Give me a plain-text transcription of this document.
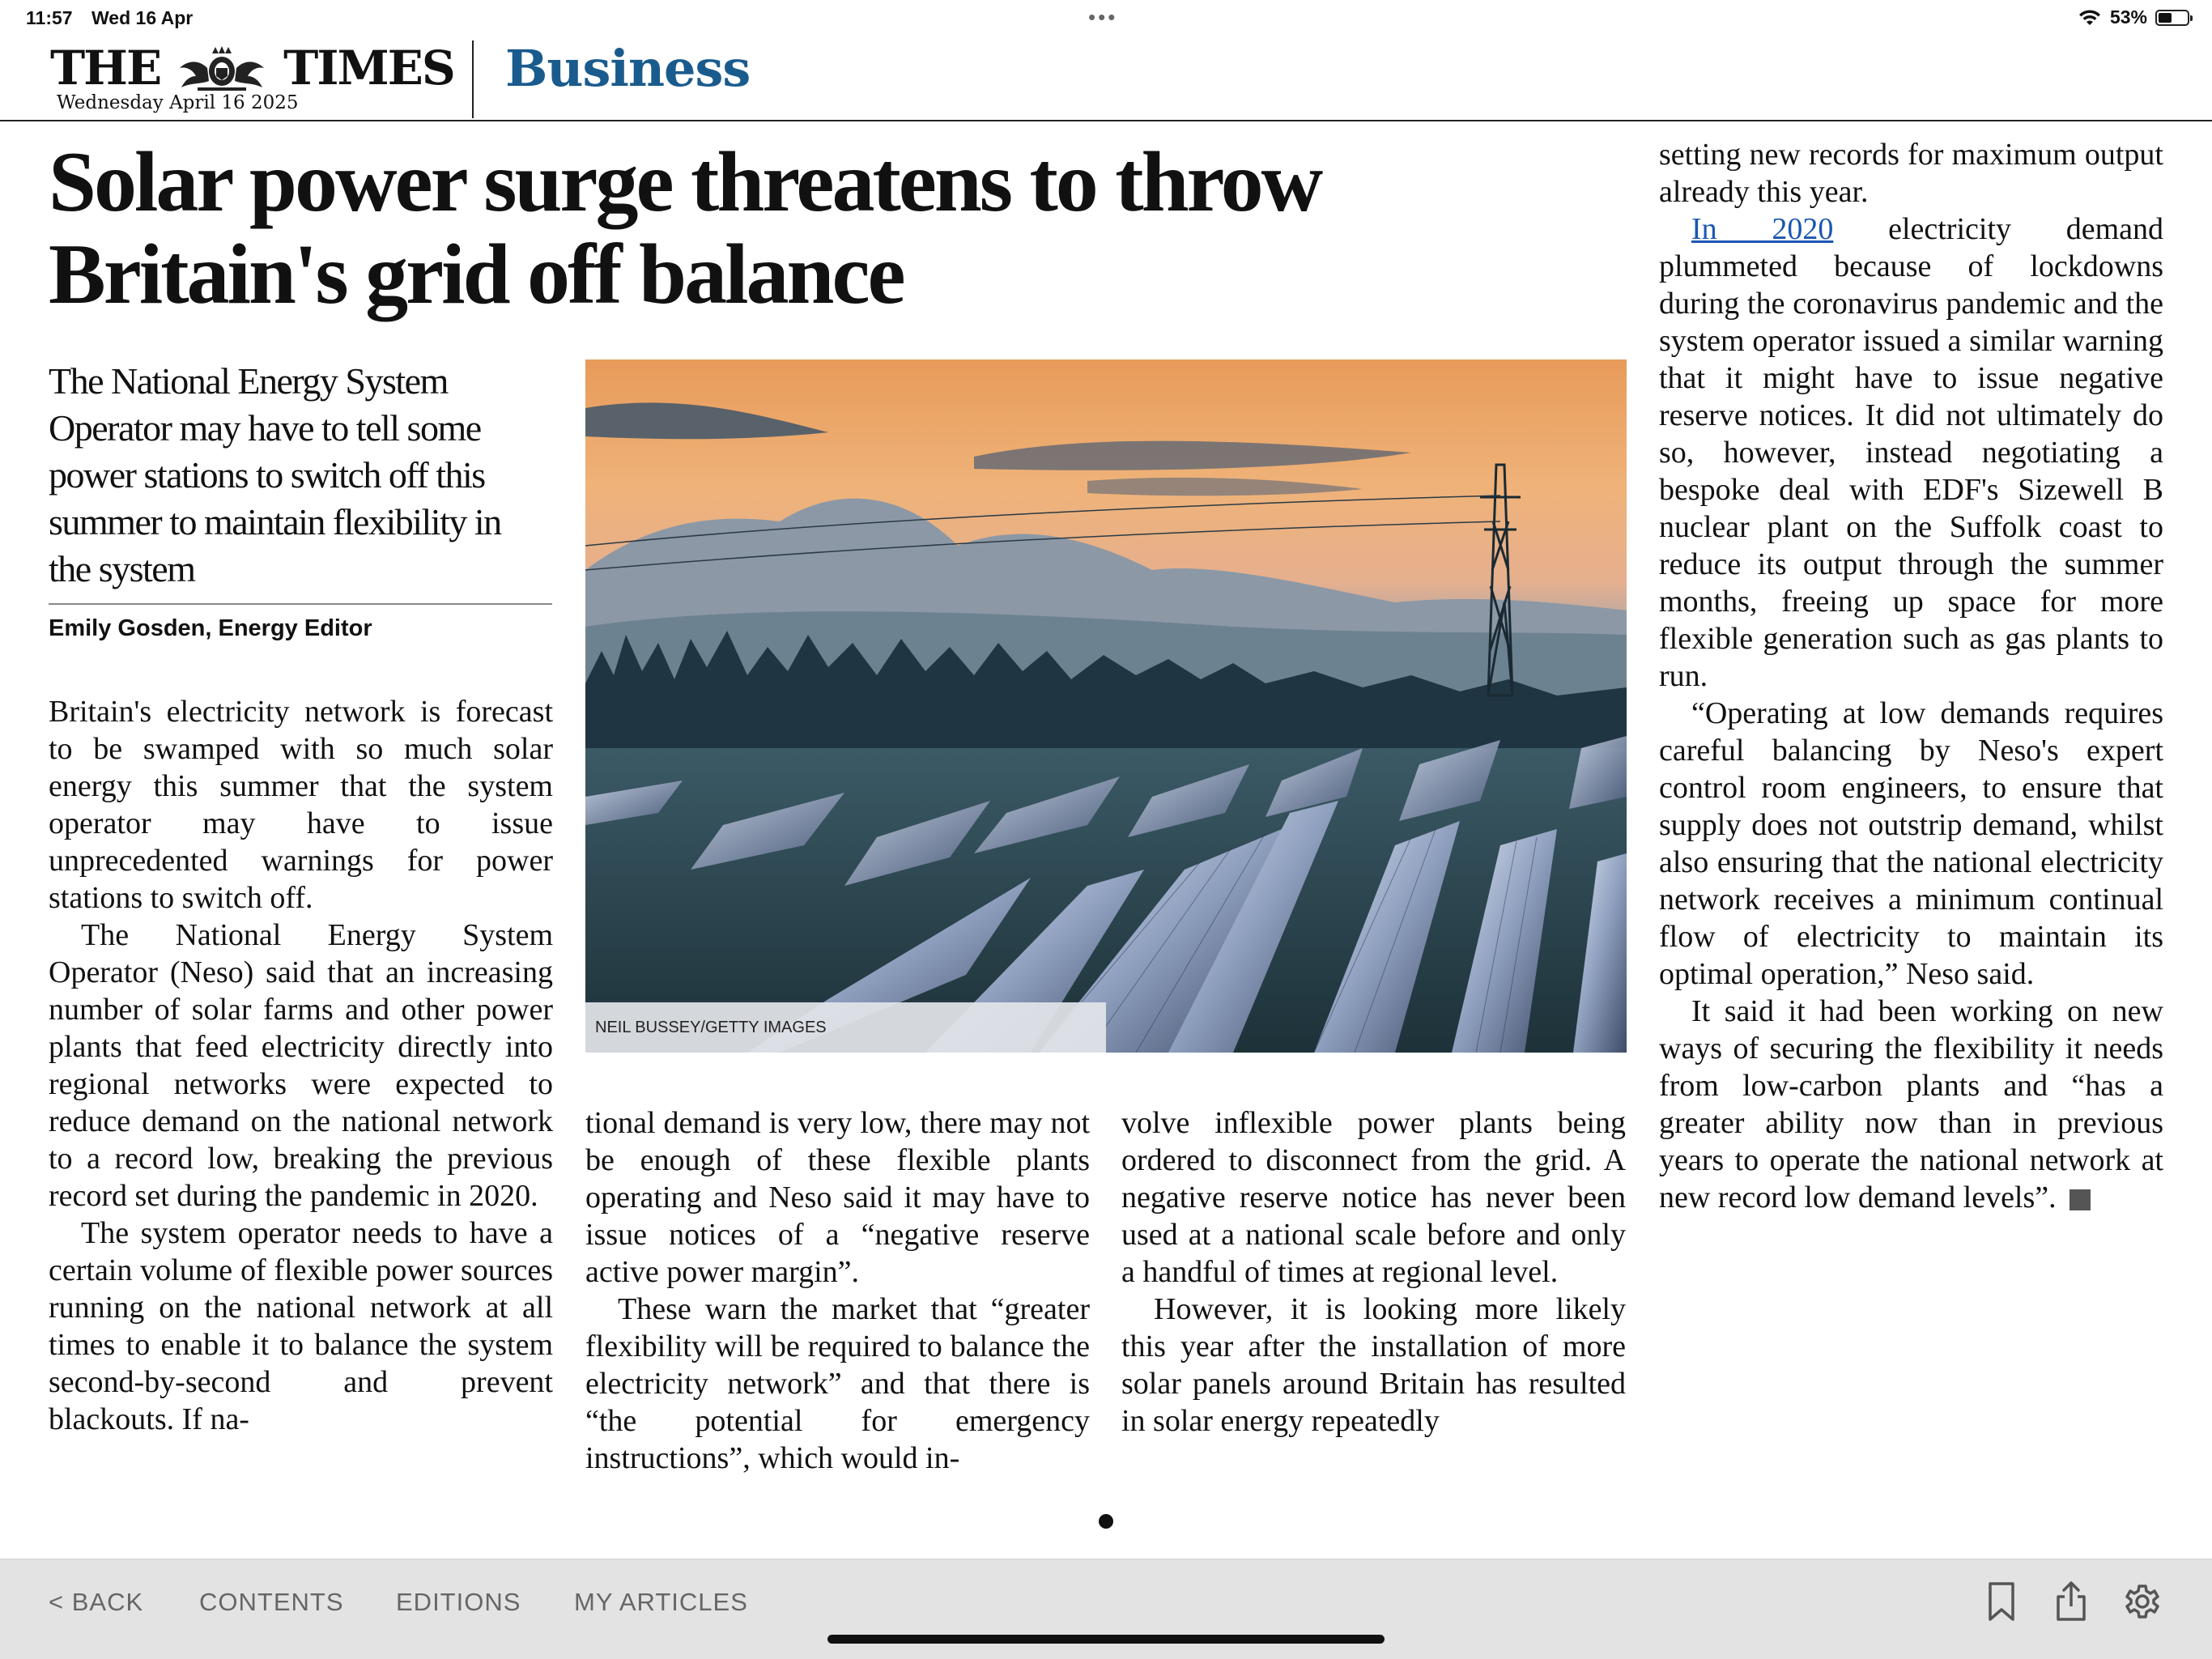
11:57 Wed 16 Apr	•••	53%
THE	TIMES
Wednesday April 16 2025
Business
Solar power surge threatens to throw Britain's grid off balance

The National Energy System Operator may have to tell some power stations to switch off this summer to maintain flexibility in the system

Emily Gosden, Energy Editor
NEIL BUSSEY/GETTY IMAGES

Britain's electricity network is forecast to be swamped with so much solar energy this summer that the system operator may have to issue unprecedented warnings for power stations to switch off.

The National Energy System Operator (Neso) said that an increasing number of solar farms and other power plants that feed electricity directly into regional networks were expected to reduce demand on the national network to a record low, breaking the previous record set during the pandemic in 2020.

The system operator needs to have a certain volume of flexible power sources running on the national network at all times to enable it to balance the system second-by-second and prevent blackouts. If na-

tional demand is very low, there may not be enough of these flexible plants operating and Neso said it may have to issue notices of a “negative reserve active power margin”.

These warn the market that “greater flexibility will be required to balance the electricity network” and that there is “the potential for emergency instructions”, which would in-

volve inflexible power plants being ordered to disconnect from the grid. A negative reserve notice has never been used at a national scale before and only a handful of times at regional level.

However, it is looking more likely this year after the installation of more solar panels around Britain has resulted in solar energy repeatedly

setting new records for maximum output already this year.

In 2020 electricity demand plummeted because of lockdowns during the coronavirus pandemic and the system operator issued a similar warning that it might have to issue negative reserve notices. It did not ultimately do so, however, instead negotiating a bespoke deal with EDF's Sizewell B nuclear plant on the Suffolk coast to reduce its output through the summer months, freeing up space for more flexible generation such as gas plants to run.

“Operating at low demands requires careful balancing by Neso's expert control room engineers, to ensure that supply does not outstrip demand, whilst also ensuring that the national electricity network receives a minimum continual flow of electricity to maintain its optimal operation,” Neso said.

It said it had been working on new ways of securing the flexibility it needs from low-carbon plants and “has a greater ability now than in previous years to operate the national network at new record low demand levels”.

< BACK CONTENTS EDITIONS MY ARTICLES
